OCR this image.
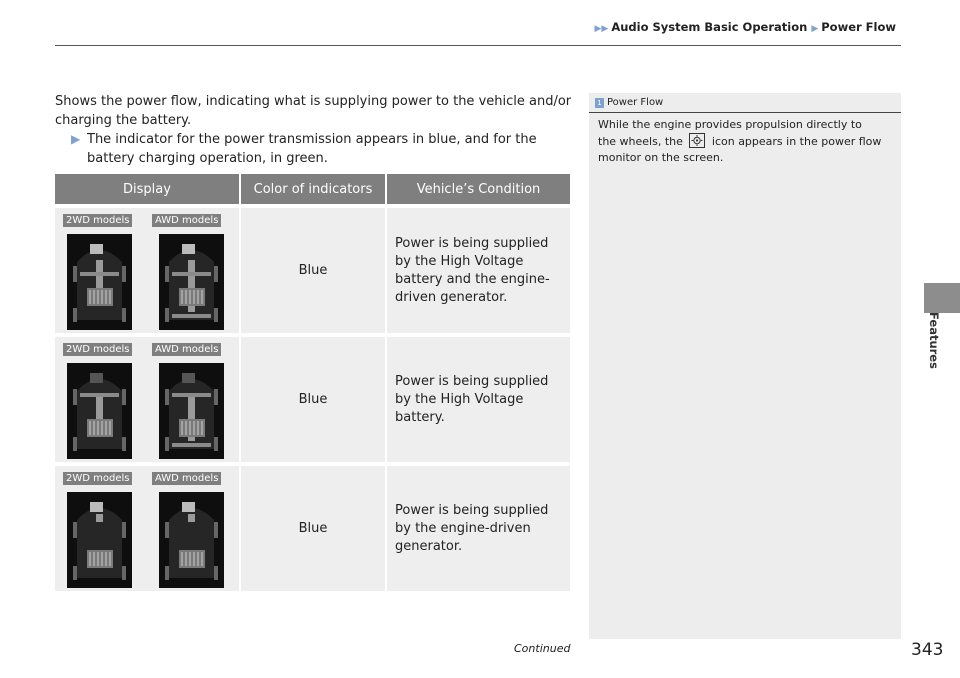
▶▶ Audio System Basic Operation ▶ Power Flow
Features
Shows the power flow, indicating what is supplying power to the vehicle and/or charging the battery.
▶ The indicator for the power transmission appears in blue, and for the battery charging operation, in green.
1 Power Flow
While the engine provides propulsion directly to the wheels, the	icon appears in the power flow monitor on the screen.
Display	Color of indicators	Vehicle’s Condition

2WD models AWD models	Blue	Power is being supplied by the High Voltage battery and the engine-driven generator.

2WD models AWD models	Blue	Power is being supplied by the High Voltage battery.

2WD models AWD models	Blue	Power is being supplied by the engine-driven generator.
Continued	343
